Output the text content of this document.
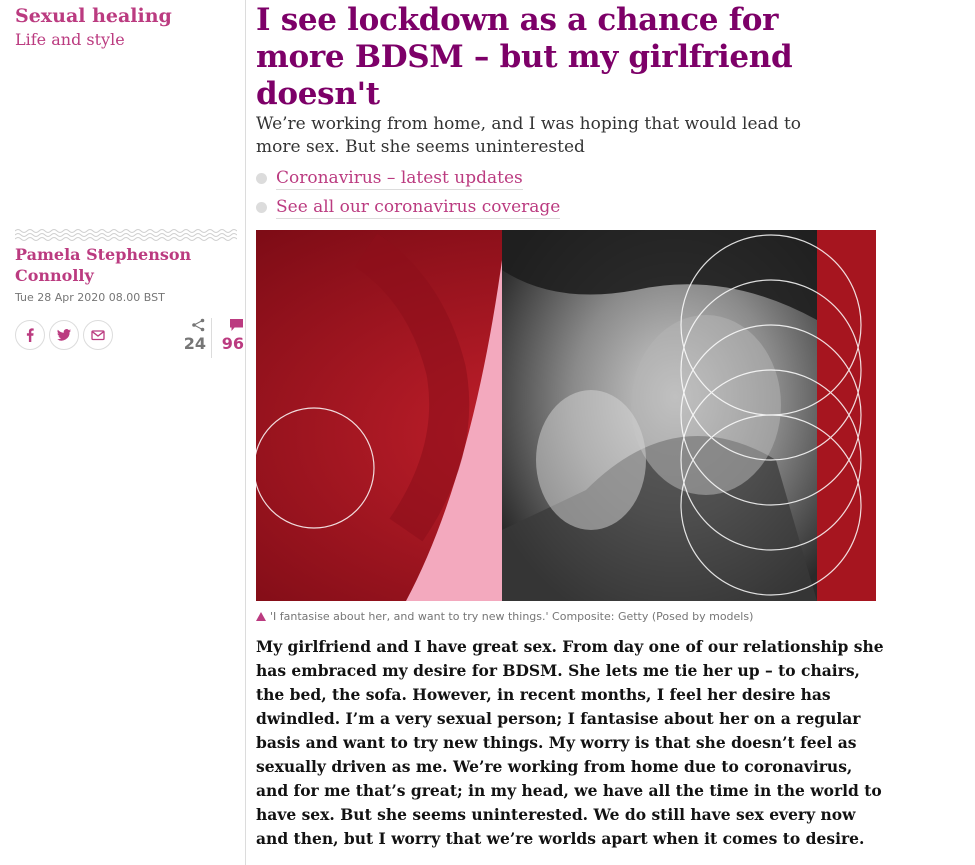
Sexual healing
Life and style
Pamela Stephenson Connolly
Tue 28 Apr 2020 08.00 BST
24 96
I see lockdown as a chance for more BDSM – but my girlfriend doesn't
We’re working from home, and I was hoping that would lead to more sex. But she seems uninterested
Coronavirus – latest updates
See all our coronavirus coverage
'I fantasise about her, and want to try new things.' Composite: Getty (Posed by models)

My girlfriend and I have great sex. From day one of our relationship she has embraced my desire for BDSM. She lets me tie her up – to chairs, the bed, the sofa. However, in recent months, I feel her desire has dwindled. I’m a very sexual person; I fantasise about her on a regular basis and want to try new things. My worry is that she doesn’t feel as sexually driven as me. We’re working from home due to coronavirus, and for me that’s great; in my head, we have all the time in the world to have sex. But she seems uninterested. We do still have sex every now and then, but I worry that we’re worlds apart when it comes to desire.
